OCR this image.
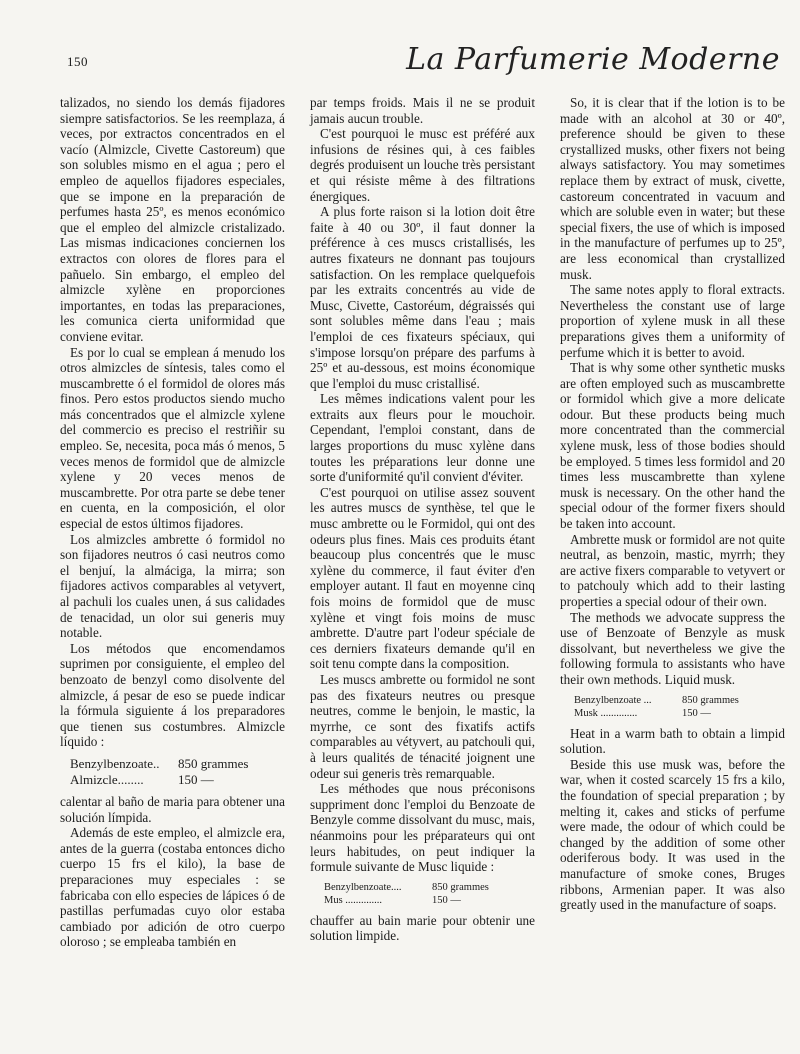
150	La Parfumerie Moderne

talizados, no siendo los demás fijadores siempre satisfactorios. Se les reemplaza, á veces, por extractos concentrados en el vacío (Almizcle, Civette Castoreum) que son solubles mismo en el agua ; pero el empleo de aquellos fijadores especiales, que se impone en la preparación de perfumes hasta 25º, es menos económico que el empleo del almizcle cristalizado. Las mismas indicaciones conciernen los extractos con olores de flores para el pañuelo. Sin embargo, el empleo del almizcle xylène en proporciones importantes, en todas las preparaciones, les comunica cierta uniformidad que conviene evitar.

Es por lo cual se emplean á menudo los otros almizcles de síntesis, tales como el muscambrette ó el formidol de olores más finos. Pero estos productos siendo mucho más concentrados que el almizcle xylene del commercio es preciso el restriñir su empleo. Se, necesita, poca más ó menos, 5 veces menos de formidol que de almizcle xylene y 20 veces menos de muscambrette. Por otra parte se debe tener en cuenta, en la composición, el olor especial de estos últimos fijadores.

Los almizcles ambrette ó formidol no son fijadores neutros ó casi neutros como el benjuí, la almáciga, la mirra; son fijadores activos comparables al vetyvert, al pachuli los cuales unen, á sus calidades de tenacidad, un olor sui generis muy notable.

Los métodos que encomendamos suprimen por consiguiente, el empleo del benzoato de benzyl como disolvente del almizcle, á pesar de eso se puede indicar la fórmula siguiente á los preparadores que tienen sus costumbres. Almizcle líquido :

Benzylbenzoate..	850 grammes
Almizcle........	150 —

calentar al baño de maria para obtener una solución límpida.

Además de este empleo, el almizcle era, antes de la guerra (costaba entonces dicho cuerpo 15 frs el kilo), la base de preparaciones muy especiales : se fabricaba con ello especies de lápices ó de pastillas perfumadas cuyo olor estaba cambiado por adición de otro cuerpo oloroso ; se empleaba también en

par temps froids. Mais il ne se produit jamais aucun trouble.

C'est pourquoi le musc est préféré aux infusions de résines qui, à ces faibles degrés produisent un louche très persistant et qui résiste même à des filtrations énergiques.

A plus forte raison si la lotion doit être faite à 40 ou 30º, il faut donner la préférence à ces muscs cristallisés, les autres fixateurs ne donnant pas toujours satisfaction. On les remplace quelquefois par les extraits concentrés au vide de Musc, Civette, Castoréum, dégraissés qui sont solubles même dans l'eau ; mais l'emploi de ces fixateurs spéciaux, qui s'impose lorsqu'on prépare des parfums à 25º et au-dessous, est moins économique que l'emploi du musc cristallisé.

Les mêmes indications valent pour les extraits aux fleurs pour le mouchoir. Cependant, l'emploi constant, dans de larges proportions du musc xylène dans toutes les préparations leur donne une sorte d'uniformité qu'il convient d'éviter.

C'est pourquoi on utilise assez souvent les autres muscs de synthèse, tel que le musc ambrette ou le Formidol, qui ont des odeurs plus fines. Mais ces produits étant beaucoup plus concentrés que le musc xylène du commerce, il faut éviter d'en employer autant. Il faut en moyenne cinq fois moins de formidol que de musc xylène et vingt fois moins de musc ambrette. D'autre part l'odeur spéciale de ces derniers fixateurs demande qu'il en soit tenu compte dans la composition.

Les muscs ambrette ou formidol ne sont pas des fixateurs neutres ou presque neutres, comme le benjoin, le mastic, la myrrhe, ce sont des fixatifs actifs comparables au vétyvert, au patchouli qui, à leurs qualités de ténacité joignent une odeur sui generis très remarquable.

Les méthodes que nous préconisons suppriment donc l'emploi du Benzoate de Benzyle comme dissolvant du musc, mais, néanmoins pour les préparateurs qui ont leurs habitudes, on peut indiquer la formule suivante de Musc liquide :

Benzylbenzoate....	850 grammes
Mus ..............	150 —

chauffer au bain marie pour obtenir une solution limpide.

So, it is clear that if the lotion is to be made with an alcohol at 30 or 40º, preference should be given to these crystallized musks, other fixers not being always satisfactory. You may sometimes replace them by extract of musk, civette, castoreum concentrated in vacuum and which are soluble even in water; but these special fixers, the use of which is imposed in the manufacture of perfumes up to 25º, are less economical than crystallized musk.

The same notes apply to floral extracts. Nevertheless the constant use of large proportion of xylene musk in all these preparations gives them a uniformity of perfume which it is better to avoid.

That is why some other synthetic musks are often employed such as muscambrette or formidol which give a more delicate odour. But these products being much more concentrated than the commercial xylene musk, less of those bodies should be employed. 5 times less formidol and 20 times less muscambrette than xylene musk is necessary. On the other hand the special odour of the former fixers should be taken into account.

Ambrette musk or formidol are not quite neutral, as benzoin, mastic, myrrh; they are active fixers comparable to vetyvert or to patchouly which add to their lasting properties a special odour of their own.

The methods we advocate suppress the use of Benzoate of Benzyle as musk dissolvant, but nevertheless we give the following formula to assistants who have their own methods. Liquid musk.

Benzylbenzoate ...	850 grammes
Musk ..............	150 —

Heat in a warm bath to obtain a limpid solution.

Beside this use musk was, before the war, when it costed scarcely 15 frs a kilo, the foundation of special preparation ; by melting it, cakes and sticks of perfume were made, the odour of which could be changed by the addition of some other oderiferous body. It was used in the manufacture of smoke cones, Bruges ribbons, Armenian paper. It was also greatly used in the manufacture of soaps.
